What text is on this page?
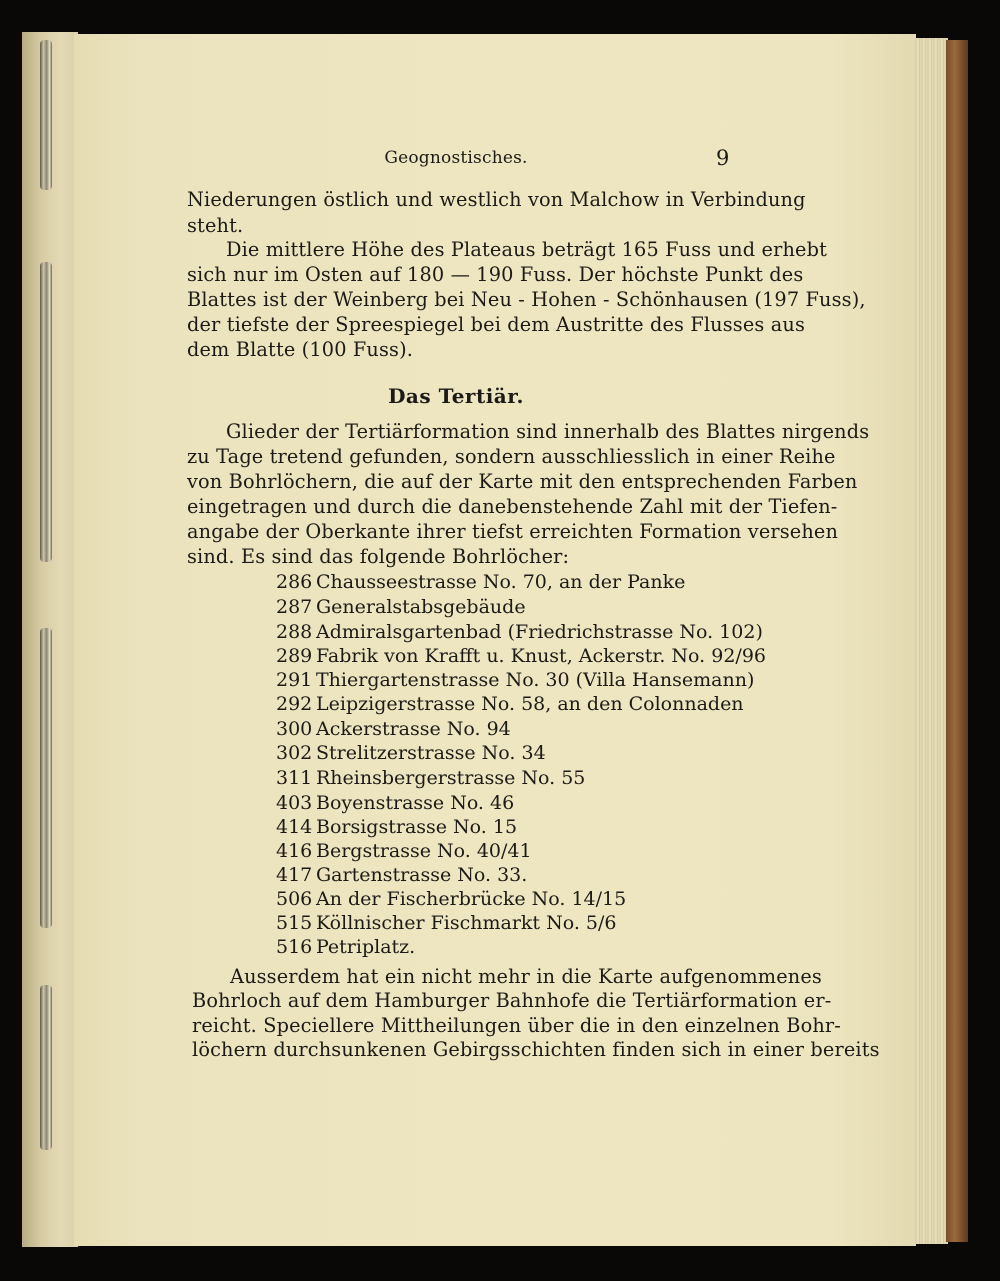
Geognostisches.	9
Niederungen östlich und westlich von Malchow in Verbindung
steht.
Die mittlere Höhe des Plateaus beträgt 165 Fuss und erhebt
sich nur im Osten auf 180 — 190 Fuss. Der höchste Punkt des
Blattes ist der Weinberg bei Neu - Hohen - Schönhausen (197 Fuss),
der tiefste der Spreespiegel bei dem Austritte des Flusses aus
dem Blatte (100 Fuss).
Das Tertiär.
Glieder der Tertiärformation sind innerhalb des Blattes nirgends
zu Tage tretend gefunden, sondern ausschliesslich in einer Reihe
von Bohrlöchern, die auf der Karte mit den entsprechenden Farben
eingetragen und durch die danebenstehende Zahl mit der Tiefen-
angabe der Oberkante ihrer tiefst erreichten Formation versehen
sind. Es sind das folgende Bohrlöcher:
286 Chausseestrasse No. 70, an der Panke
287 Generalstabsgebäude
288 Admiralsgartenbad (Friedrichstrasse No. 102)
289 Fabrik von Krafft u. Knust, Ackerstr. No. 92/96
291 Thiergartenstrasse No. 30 (Villa Hansemann)
292 Leipzigerstrasse No. 58, an den Colonnaden
300 Ackerstrasse No. 94
302 Strelitzerstrasse No. 34
311 Rheinsbergerstrasse No. 55
403 Boyenstrasse No. 46
414 Borsigstrasse No. 15
416 Bergstrasse No. 40/41
417 Gartenstrasse No. 33.
506 An der Fischerbrücke No. 14/15
515 Köllnischer Fischmarkt No. 5/6
516 Petriplatz.
Ausserdem hat ein nicht mehr in die Karte aufgenommenes
Bohrloch auf dem Hamburger Bahnhofe die Tertiärformation er-
reicht. Speciellere Mittheilungen über die in den einzelnen Bohr-
löchern durchsunkenen Gebirgsschichten finden sich in einer bereits
